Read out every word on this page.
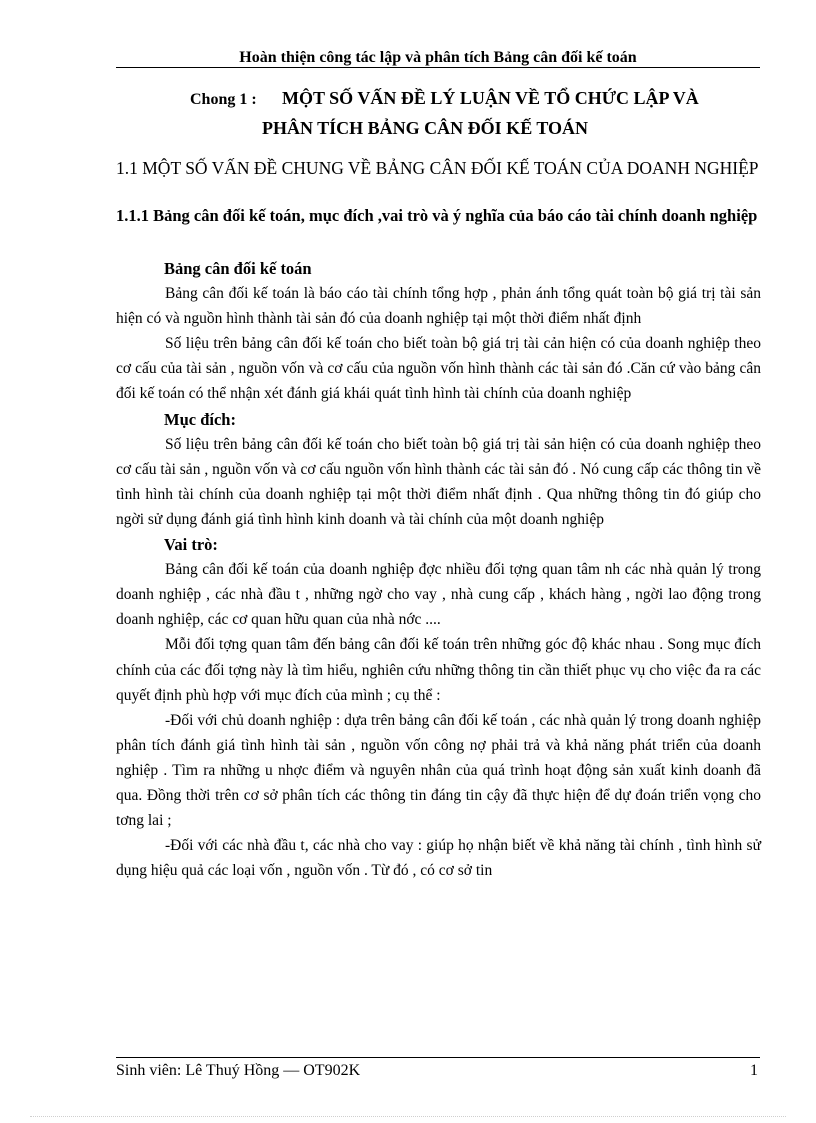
Hoàn thiện công tác lập và phân tích Bảng cân đối kế toán
Chong 1 : MỘT SỐ VẤN ĐỀ LÝ LUẬN VỀ TỔ CHỨC LẬP VÀ
PHÂN TÍCH BẢNG CÂN ĐỐI KẾ TOÁN
1.1 MỘT SỐ VẤN ĐỀ CHUNG VỀ BẢNG CÂN ĐỐI KẾ TOÁN CỦA DOANH NGHIỆP
1.1.1 Bảng cân đối kế toán, mục đích ,vai trò và ý nghĩa của báo cáo tài chính doanh nghiệp

Bảng cân đối kế toán

Bảng cân đối kế toán là báo cáo tài chính tổng hợp , phản ánh tổng quát toàn bộ giá trị tài sản hiện có và nguồn hình thành tài sản đó của doanh nghiệp tại một thời điểm nhất định

Số liệu trên bảng cân đối kế toán cho biết toàn bộ giá trị tài cản hiện có của doanh nghiệp theo cơ cấu của tài sản , nguồn vốn và cơ cấu của nguồn vốn hình thành các tài sản đó .Căn cứ vào bảng cân đối kế toán có thể nhận xét đánh giá khái quát tình hình tài chính của doanh nghiệp

Mục đích:

Số liệu trên bảng cân đối kế toán cho biết toàn bộ giá trị tài sản hiện có của doanh nghiệp theo cơ cấu tài sản , nguồn vốn và cơ cấu nguồn vốn hình thành các tài sản đó . Nó cung cấp các thông tin về tình hình tài chính của doanh nghiệp tại một thời điểm nhất định . Qua những thông tin đó giúp cho ngời sử dụng đánh giá tình hình kinh doanh và tài chính của một doanh nghiệp

Vai trò:

Bảng cân đối kế toán của doanh nghiệp đợc nhiều đối tợng quan tâm nh các nhà quản lý trong doanh nghiệp , các nhà đầu t , những ngờ cho vay , nhà cung cấp , khách hàng , ngời lao động trong doanh nghiệp, các cơ quan hữu quan của nhà nớc ....

Mỗi đối tợng quan tâm đến bảng cân đối kế toán trên những góc độ khác nhau . Song mục đích chính của các đối tợng này là tìm hiểu, nghiên cứu những thông tin cần thiết phục vụ cho việc đa ra các quyết định phù hợp với mục đích của mình ; cụ thể :

-Đối với chủ doanh nghiệp : dựa trên bảng cân đối kế toán , các nhà quản lý trong doanh nghiệp phân tích đánh giá tình hình tài sản , nguồn vốn công nợ phải trả và khả năng phát triển của doanh nghiệp . Tìm ra những u nhợc điểm và nguyên nhân của quá trình hoạt động sản xuất kinh doanh đã qua. Đồng thời trên cơ sở phân tích các thông tin đáng tin cậy đã thực hiện để dự đoán triển vọng cho tơng lai ;

-Đối với các nhà đầu t, các nhà cho vay : giúp họ nhận biết về khả năng tài chính , tình hình sử dụng hiệu quả các loại vốn , nguồn vốn . Từ đó , có cơ sở tin

Sinh viên: Lê Thuý Hồng — OT902K	1
